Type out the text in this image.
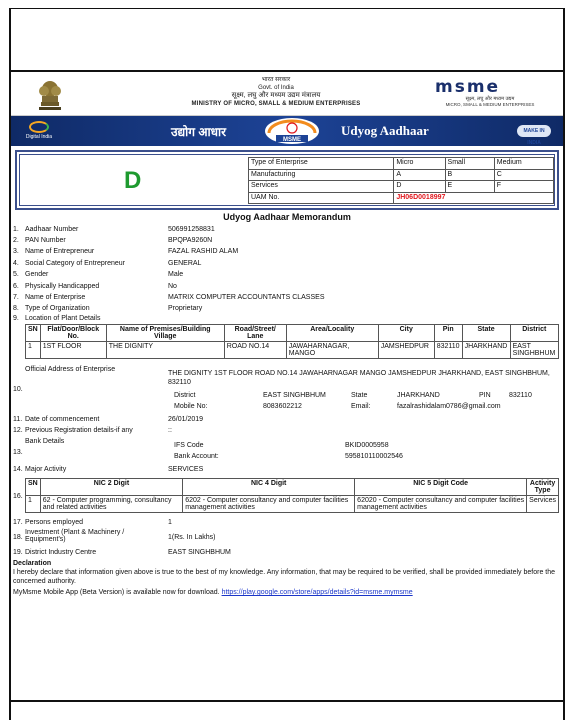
भारत सरकार
Govt. of India
सूक्ष्म, लघु और मध्यम उद्यम मंत्रालय
MINISTRY OF MICRO, SMALL & MEDIUM ENTERPRISES
msme
सूक्ष्म, लघु और मध्यम उद्यम
MICRO, SMALL & MEDIUM ENTERPRISES
Digital India	उद्योग आधार
MSME
Udyog Aadhaar	MAKE IN INDIA
D
Type of Enterprise	Micro	Small	Medium
Manufacturing	A	B	C
Services	D	E	F
UAM No.	JH06D0018997		
Udyog Aadhaar Memorandum
1. Aadhaar Number	506991258831
2. PAN Number	BPQPA9260N
3. Name of Entrepreneur	FAZAL RASHID ALAM
4. Social Category of Entrepreneur	GENERAL
5. Gender	Male
6. Physically Handicapped	No
7. Name of Enterprise	MATRIX COMPUTER ACCOUNTANTS CLASSES
8. Type of Organization	Proprietary
9. Location of Plant Details
SN	Flat/Door/Block No.	Name of Premises/Building Village	Road/Street/ Lane	Area/Locality	City	Pin	State	District
1	1ST FLOOR	THE DIGNITY	ROAD NO.14	JAWAHARNAGAR, MANGO	JAMSHEDPUR	832110	JHARKHAND	EAST SINGHBHUM
Official Address of Enterprise
10.
THE DIGNITY 1ST FLOOR ROAD NO.14 JAWAHARNAGAR MANGO JAMSHEDPUR JHARKHAND, EAST SINGHBHUM, 832110
District	EAST SINGHBHUM	State	JHARKHAND	PIN	832110
Mobile No:	8083602212	Email:	fazalrashidalam0786@gmail.com
11. Date of commencement	26/01/2019
12. Previous Registration details-if any	::
Bank Details
13.
IFS Code	BKID0005958
Bank Account:	595810110002546
14. Major Activity	SERVICES
16.
SN	NIC 2 Digit	NIC 4 Digit	NIC 5 Digit Code	Activity Type
1	62 - Computer programming, consultancy and related activities	6202 - Computer consultancy and computer facilities management activities	62020 - Computer consultancy and computer facilities management activities	Services
17. Persons employed	1
18.
Investment (Plant & Machinery / Equipment's)	1(Rs. In Lakhs)
19. District Industry Centre	EAST SINGHBHUM
Declaration
I hereby declare that information given above is true to the best of my knowledge. Any information, that may be required to be verified, shall be provided immediately before the concerned authority.
MyMsme Mobile App (Beta Version) is available now for download. https://play.google.com/store/apps/details?id=msme.mymsme
